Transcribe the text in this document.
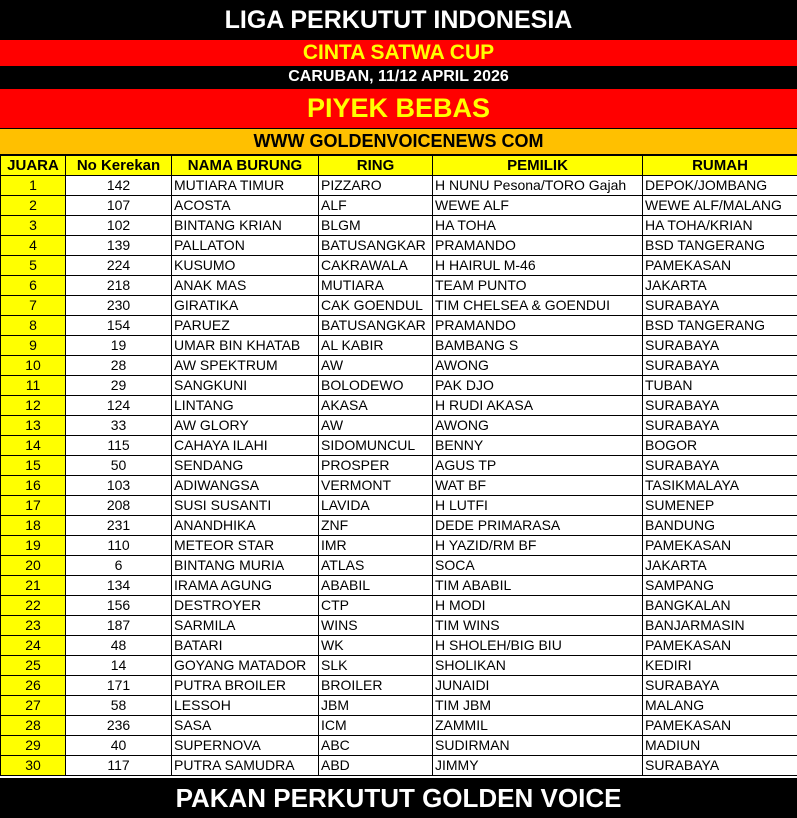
LIGA PERKUTUT INDONESIA
CINTA SATWA CUP
CARUBAN, 11/12 APRIL 2026
PIYEK BEBAS
WWW GOLDENVOICENEWS COM
JUARA	No Kerekan	NAMA BURUNG	RING	PEMILIK	RUMAH
1	142	MUTIARA TIMUR	PIZZARO	H NUNU Pesona/TORO Gajah	DEPOK/JOMBANG
2	107	ACOSTA	ALF	WEWE ALF	WEWE ALF/MALANG
3	102	BINTANG KRIAN	BLGM	HA TOHA	HA TOHA/KRIAN
4	139	PALLATON	BATUSANGKAR	PRAMANDO	BSD TANGERANG
5	224	KUSUMO	CAKRAWALA	H HAIRUL M-46	PAMEKASAN
6	218	ANAK MAS	MUTIARA	TEAM PUNTO	JAKARTA
7	230	GIRATIKA	CAK GOENDUL	TIM CHELSEA & GOENDUI	SURABAYA
8	154	PARUEZ	BATUSANGKAR	PRAMANDO	BSD TANGERANG
9	19	UMAR BIN KHATAB	AL KABIR	BAMBANG S	SURABAYA
10	28	AW SPEKTRUM	AW	AWONG	SURABAYA
11	29	SANGKUNI	BOLODEWO	PAK DJO	TUBAN
12	124	LINTANG	AKASA	H RUDI AKASA	SURABAYA
13	33	AW GLORY	AW	AWONG	SURABAYA
14	115	CAHAYA ILAHI	SIDOMUNCUL	BENNY	BOGOR
15	50	SENDANG	PROSPER	AGUS TP	SURABAYA
16	103	ADIWANGSA	VERMONT	WAT BF	TASIKMALAYA
17	208	SUSI SUSANTI	LAVIDA	H LUTFI	SUMENEP
18	231	ANANDHIKA	ZNF	DEDE PRIMARASA	BANDUNG
19	110	METEOR STAR	IMR	H YAZID/RM BF	PAMEKASAN
20	6	BINTANG MURIA	ATLAS	SOCA	JAKARTA
21	134	IRAMA AGUNG	ABABIL	TIM ABABIL	SAMPANG
22	156	DESTROYER	CTP	H MODI	BANGKALAN
23	187	SARMILA	WINS	TIM WINS	BANJARMASIN
24	48	BATARI	WK	H SHOLEH/BIG BIU	PAMEKASAN
25	14	GOYANG MATADOR	SLK	SHOLIKAN	KEDIRI
26	171	PUTRA BROILER	BROILER	JUNAIDI	SURABAYA
27	58	LESSOH	JBM	TIM JBM	MALANG
28	236	SASA	ICM	ZAMMIL	PAMEKASAN
29	40	SUPERNOVA	ABC	SUDIRMAN	MADIUN
30	117	PUTRA SAMUDRA	ABD	JIMMY	SURABAYA
PAKAN PERKUTUT GOLDEN VOICE
